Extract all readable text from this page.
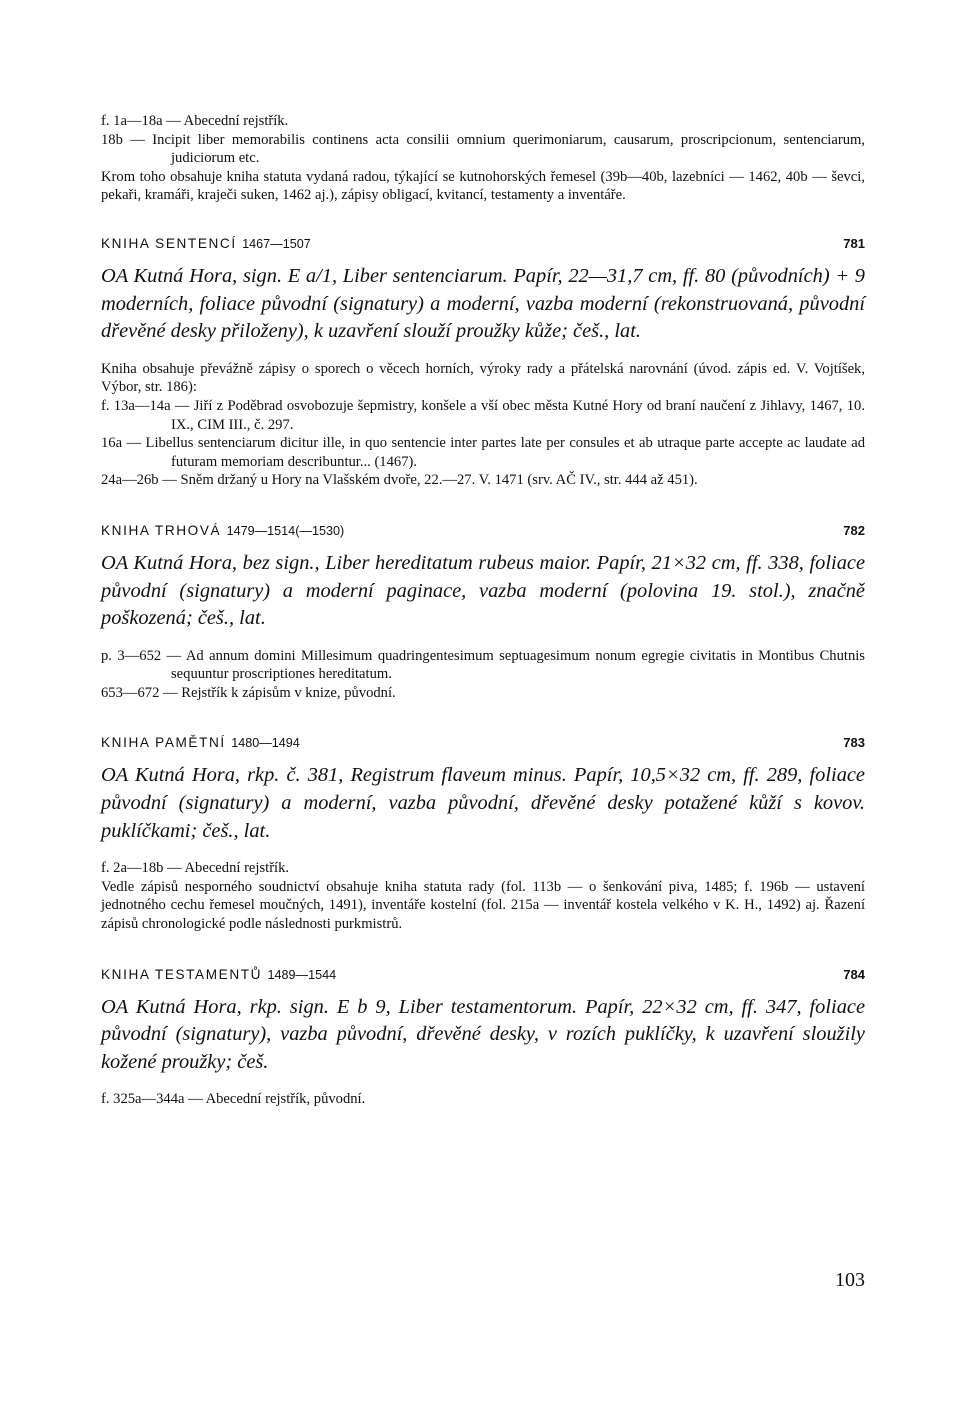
f. 1a—18a — Abecední rejstřík.

18b — Incipit liber memorabilis continens acta consilii omnium querimoniarum, causarum, proscripcionum, sentenciarum, judiciorum etc.

Krom toho obsahuje kniha statuta vydaná radou, týkající se kutnohorských řemesel (39b—40b, lazebníci — 1462, 40b — ševci, pekaři, kramáři, kraječi suken, 1462 aj.), zápisy obligací, kvitancí, testamenty a inventáře.

KNIHA SENTENCÍ 1467—1507	781

OA Kutná Hora, sign. E a/1, Liber sentenciarum. Papír, 22—31,7 cm, ff. 80 (původních) + 9 moderních, foliace původní (signatury) a moderní, vazba moderní (rekonstruovaná, původní dřevěné desky přiloženy), k uzavření slouží proužky kůže; češ., lat.

Kniha obsahuje převážně zápisy o sporech o věcech horních, výroky rady a přátelská narovnání (úvod. zápis ed. V. Vojtíšek, Výbor, str. 186):

f. 13a—14a — Jiří z Poděbrad osvobozuje šepmistry, konšele a vší obec města Kutné Hory od braní naučení z Jihlavy, 1467, 10. IX., CIM III., č. 297.

16a — Libellus sentenciarum dicitur ille, in quo sentencie inter partes late per consules et ab utraque parte accepte ac laudate ad futuram memoriam describuntur... (1467).

24a—26b — Sněm držaný u Hory na Vlašském dvoře, 22.—27. V. 1471 (srv. AČ IV., str. 444 až 451).

KNIHA TRHOVÁ 1479—1514(—1530)	782

OA Kutná Hora, bez sign., Liber hereditatum rubeus maior. Papír, 21×32 cm, ff. 338, foliace původní (signatury) a moderní paginace, vazba moderní (polovina 19. stol.), značně poškozená; češ., lat.

p. 3—652 — Ad annum domini Millesimum quadringentesimum septuagesimum nonum egregie civitatis in Montibus Chutnis sequuntur proscriptiones hereditatum.

653—672 — Rejstřík k zápisům v knize, původní.

KNIHA PAMĚTNÍ 1480—1494	783

OA Kutná Hora, rkp. č. 381, Registrum flaveum minus. Papír, 10,5×32 cm, ff. 289, foliace původní (signatury) a moderní, vazba původní, dřevěné desky potažené kůží s kovov. puklíčkami; češ., lat.

f. 2a—18b — Abecední rejstřík.

Vedle zápisů nesporného soudnictví obsahuje kniha statuta rady (fol. 113b — o šenkování piva, 1485; f. 196b — ustavení jednotného cechu řemesel moučných, 1491), inventáře kostelní (fol. 215a — inventář kostela velkého v K. H., 1492) aj. Řazení zápisů chronologické podle následnosti purkmistrů.

KNIHA TESTAMENTŮ 1489—1544	784

OA Kutná Hora, rkp. sign. E b 9, Liber testamentorum. Papír, 22×32 cm, ff. 347, foliace původní (signatury), vazba původní, dřevěné desky, v rozích puklíčky, k uzavření sloužily kožené proužky; češ.

f. 325a—344a — Abecední rejstřík, původní.

103
